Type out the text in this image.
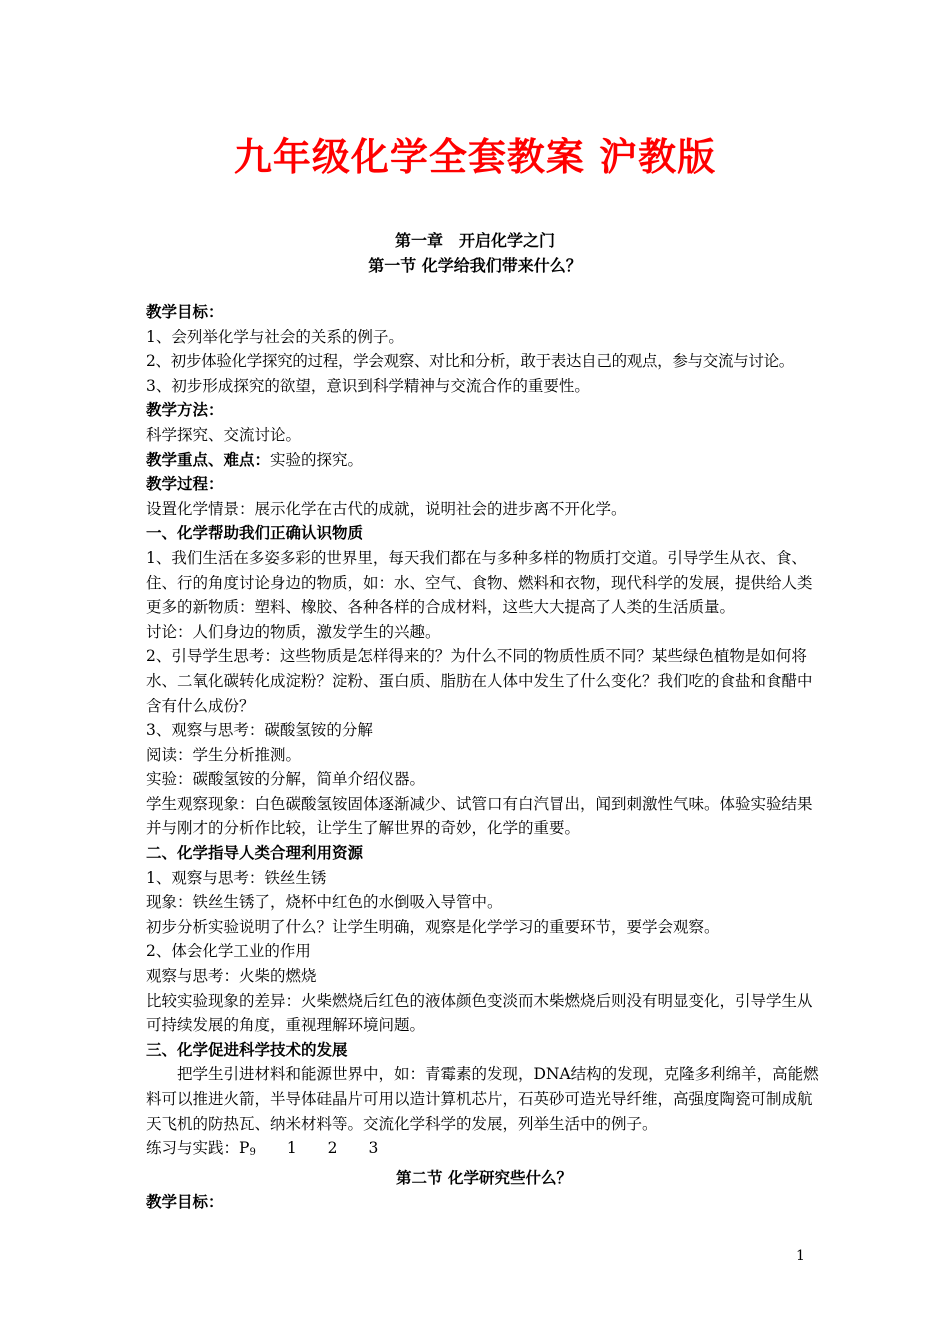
九年级化学全套教案 沪教版
第一章　开启化学之门
第一节 化学给我们带来什么？

教学目标：

1、会列举化学与社会的关系的例子。

2、初步体验化学探究的过程，学会观察、对比和分析，敢于表达自己的观点，参与交流与讨论。

3、初步形成探究的欲望，意识到科学精神与交流合作的重要性。

教学方法：

科学探究、交流讨论。

教学重点、难点：实验的探究。

教学过程：

设置化学情景：展示化学在古代的成就，说明社会的进步离不开化学。

一、化学帮助我们正确认识物质

1、我们生活在多姿多彩的世界里，每天我们都在与多种多样的物质打交道。引导学生从衣、食、住、行的角度讨论身边的物质，如：水、空气、食物、燃料和衣物，现代科学的发展，提供给人类更多的新物质：塑料、橡胶、各种各样的合成材料，这些大大提高了人类的生活质量。

讨论：人们身边的物质，激发学生的兴趣。

2、引导学生思考：这些物质是怎样得来的？为什么不同的物质性质不同？某些绿色植物是如何将水、二氧化碳转化成淀粉？淀粉、蛋白质、脂肪在人体中发生了什么变化？我们吃的食盐和食醋中含有什么成份？

3、观察与思考：碳酸氢铵的分解

阅读：学生分析推测。

实验：碳酸氢铵的分解，简单介绍仪器。

学生观察现象：白色碳酸氢铵固体逐渐减少、试管口有白汽冒出，闻到刺激性气味。体验实验结果并与刚才的分析作比较，让学生了解世界的奇妙，化学的重要。

二、化学指导人类合理利用资源

1、观察与思考：铁丝生锈

现象：铁丝生锈了，烧杯中红色的水倒吸入导管中。

初步分析实验说明了什么？让学生明确，观察是化学学习的重要环节，要学会观察。

2、体会化学工业的作用

观察与思考：火柴的燃烧

比较实验现象的差异：火柴燃烧后红色的液体颜色变淡而木柴燃烧后则没有明显变化，引导学生从可持续发展的角度，重视理解环境问题。

三、化学促进科学技术的发展

把学生引进材料和能源世界中，如：青霉素的发现，DNA结构的发现，克隆多利绵羊，高能燃料可以推进火箭，半导体硅晶片可用以造计算机芯片，石英砂可造光导纤维，高强度陶瓷可制成航天飞机的防热瓦、纳米材料等。交流化学科学的发展，列举生活中的例子。

练习与实践：$P_9$　　1　　2　　3

第二节 化学研究些什么？

教学目标：

1
